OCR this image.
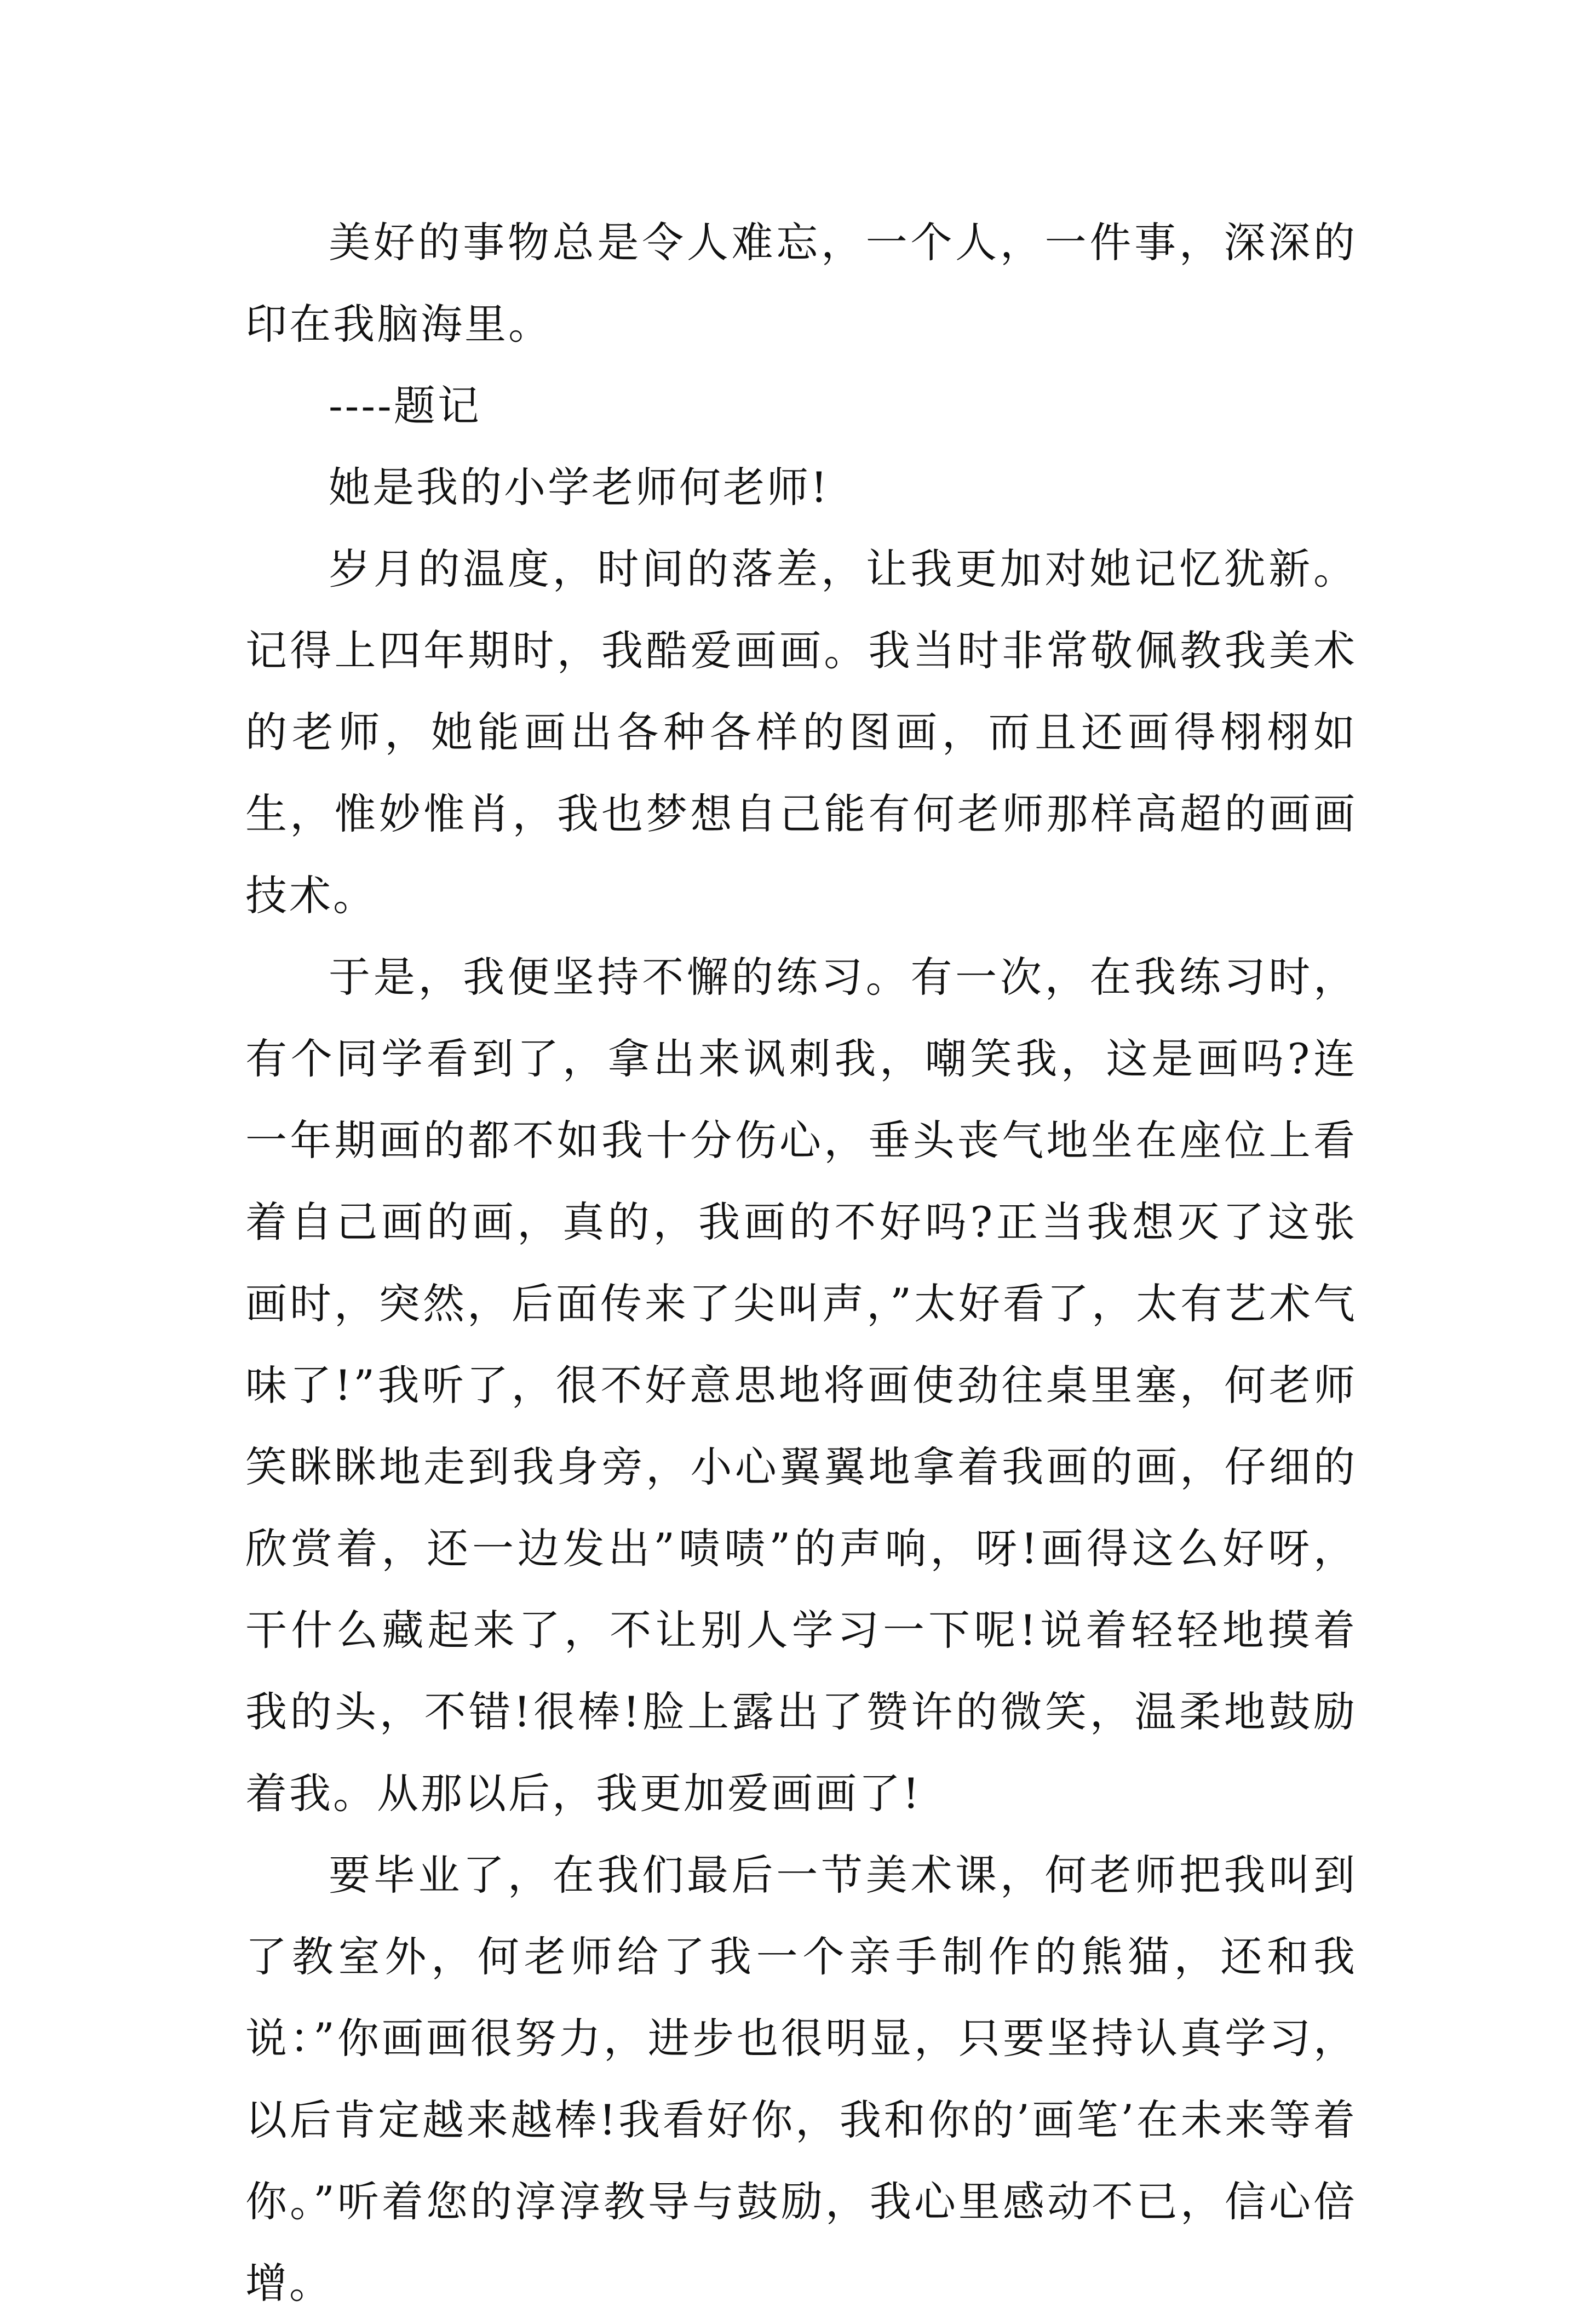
美好的事物总是令人难忘，一个人，一件事，深深的印在我脑海里。

----题记

她是我的小学老师何老师!

岁月的温度，时间的落差，让我更加对她记忆犹新。记得上四年期时，我酷爱画画。我当时非常敬佩教我美术的老师，她能画出各种各样的图画，而且还画得栩栩如生，惟妙惟肖，我也梦想自己能有何老师那样高超的画画技术。

于是，我便坚持不懈的练习。有一次，在我练习时，有个同学看到了，拿出来讽刺我，嘲笑我，这是画吗?连一年期画的都不如我十分伤心，垂头丧气地坐在座位上看着自己画的画，真的，我画的不好吗?正当我想灭了这张画时，突然，后面传来了尖叫声，”太好看了，太有艺术气味了!”我听了，很不好意思地将画使劲往桌里塞，何老师笑眯眯地走到我身旁，小心翼翼地拿着我画的画，仔细的欣赏着，还一边发出”啧啧”的声响，呀!画得这么好呀，干什么藏起来了，不让别人学习一下呢!说着轻轻地摸着我的头，不错!很棒!脸上露出了赞许的微笑，温柔地鼓励着我。从那以后，我更加爱画画了!

要毕业了，在我们最后一节美术课，何老师把我叫到了教室外，何老师给了我一个亲手制作的熊猫，还和我说：”你画画很努力，进步也很明显，只要坚持认真学习，以后肯定越来越棒!我看好你，我和你的’画笔’在未来等着你。”听着您的淳淳教导与鼓励，我心里感动不已，信心倍增。
